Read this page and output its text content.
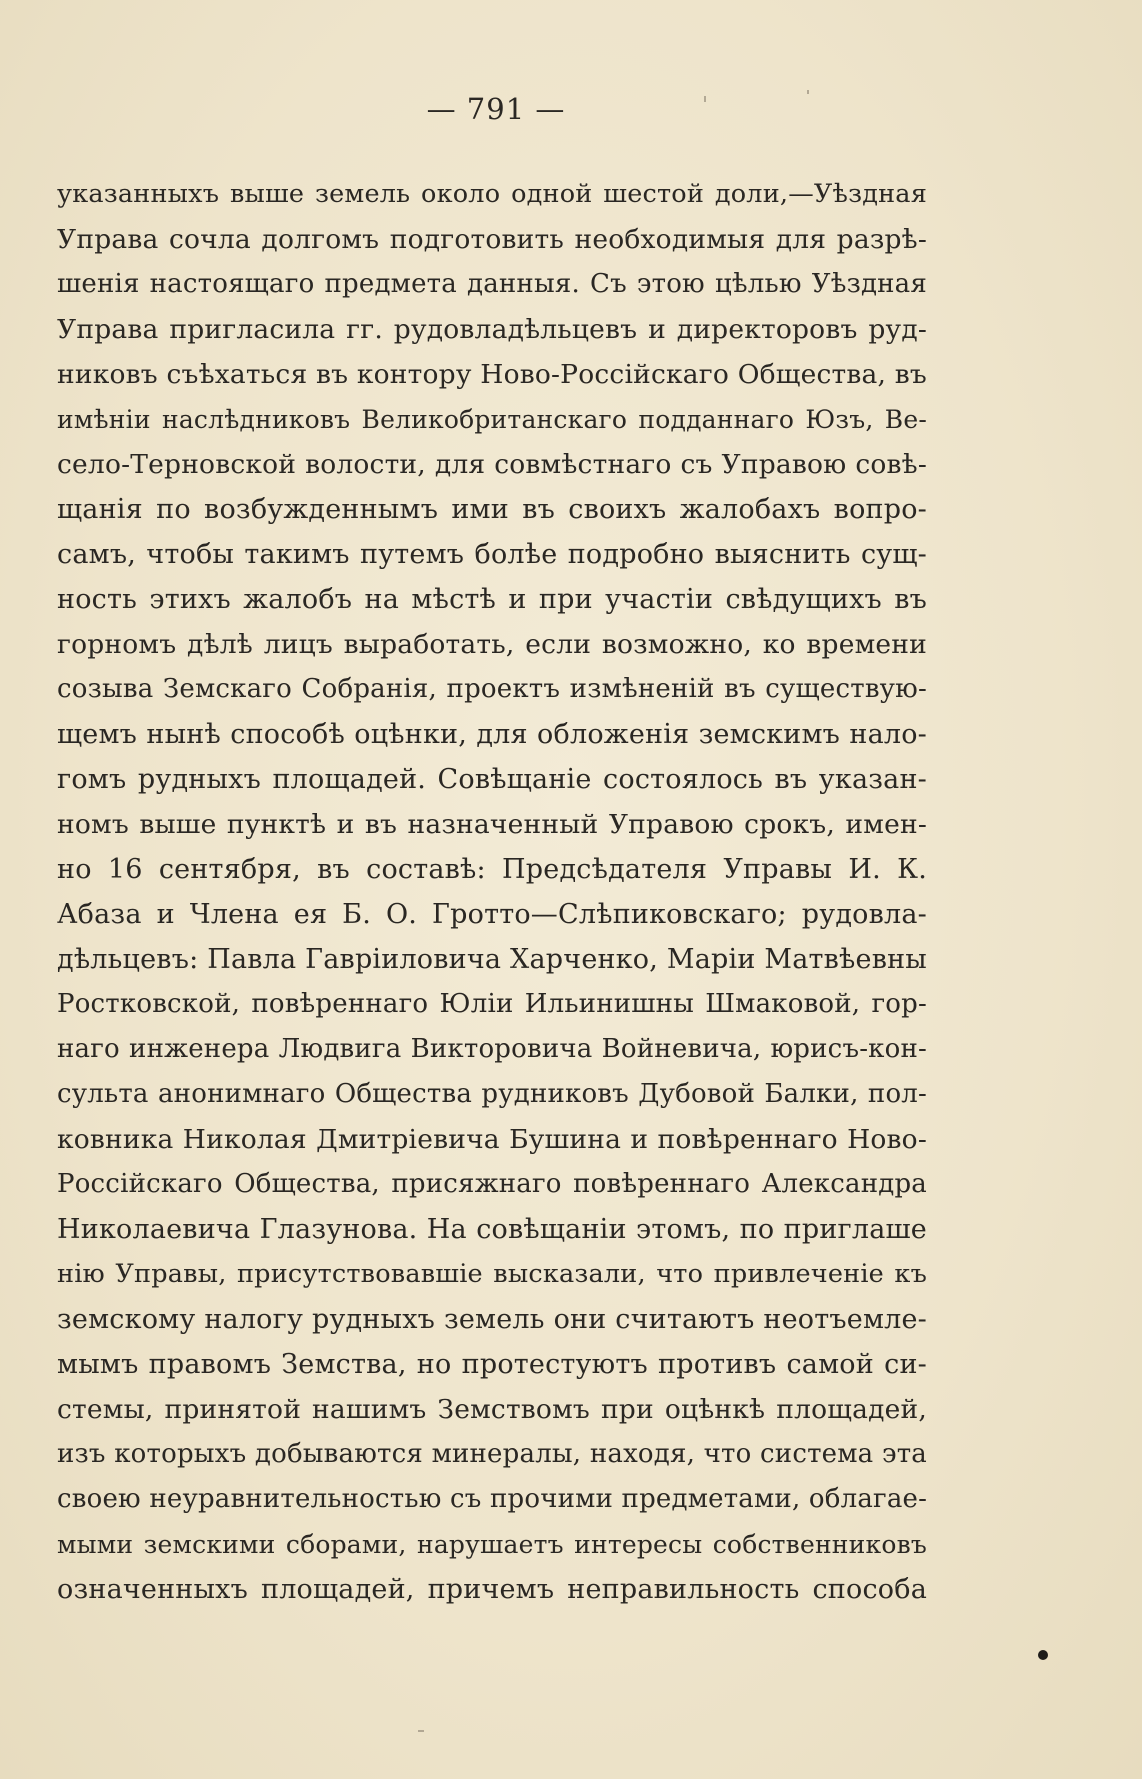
— 791 —
указанныхъ выше земель около одной шестой доли,—Уѣздная
Управа сочла долгомъ подготовить необходимыя для разрѣ-
шенія настоящаго предмета данныя. Съ этою цѣлью Уѣздная
Управа пригласила гг. рудовладѣльцевъ и директоровъ руд-
никовъ съѣхаться въ контору Ново-Россійскаго Общества, въ
имѣніи наслѣдниковъ Великобританскаго подданнаго Юзъ, Ве-
село-Терновской волости, для совмѣстнаго съ Управою совѣ-
щанія по возбужденнымъ ими въ своихъ жалобахъ вопро-
самъ, чтобы такимъ путемъ болѣе подробно выяснить сущ-
ность этихъ жалобъ на мѣстѣ и при участіи свѣдущихъ въ
горномъ дѣлѣ лицъ выработать, если возможно, ко времени
созыва Земскаго Собранія, проектъ измѣненій въ существую-
щемъ нынѣ способѣ оцѣнки, для обложенія земскимъ нало-
гомъ рудныхъ площадей. Совѣщаніе состоялось въ указан-
номъ выше пунктѣ и въ назначенный Управою срокъ, имен-
но 16 сентября, въ составѣ: Предсѣдателя Управы И. К.
Абаза и Члена ея Б. О. Гротто—Слѣпиковскаго; рудовла-
дѣльцевъ: Павла Гавріиловича Харченко, Маріи Матвѣевны
Ростковской, повѣреннаго Юліи Ильинишны Шмаковой, гор-
наго инженера Людвига Викторовича Войневича, юрисъ-кон-
сульта анонимнаго Общества рудниковъ Дубовой Балки, пол-
ковника Николая Дмитріевича Бушина и повѣреннаго Ново-
Россійскаго Общества, присяжнаго повѣреннаго Александра
Николаевича Глазунова. На совѣщаніи этомъ, по приглаше
нію Управы, присутствовавшіе высказали, что привлеченіе къ
земскому налогу рудныхъ земель они считаютъ неотъемле-
мымъ правомъ Земства, но протестуютъ противъ самой си-
стемы, принятой нашимъ Земствомъ при оцѣнкѣ площадей,
изъ которыхъ добываются минералы, находя, что система эта
своею неуравнительностью съ прочими предметами, облагае-
мыми земскими сборами, нарушаетъ интересы собственниковъ
означенныхъ площадей, причемъ неправильность способа
